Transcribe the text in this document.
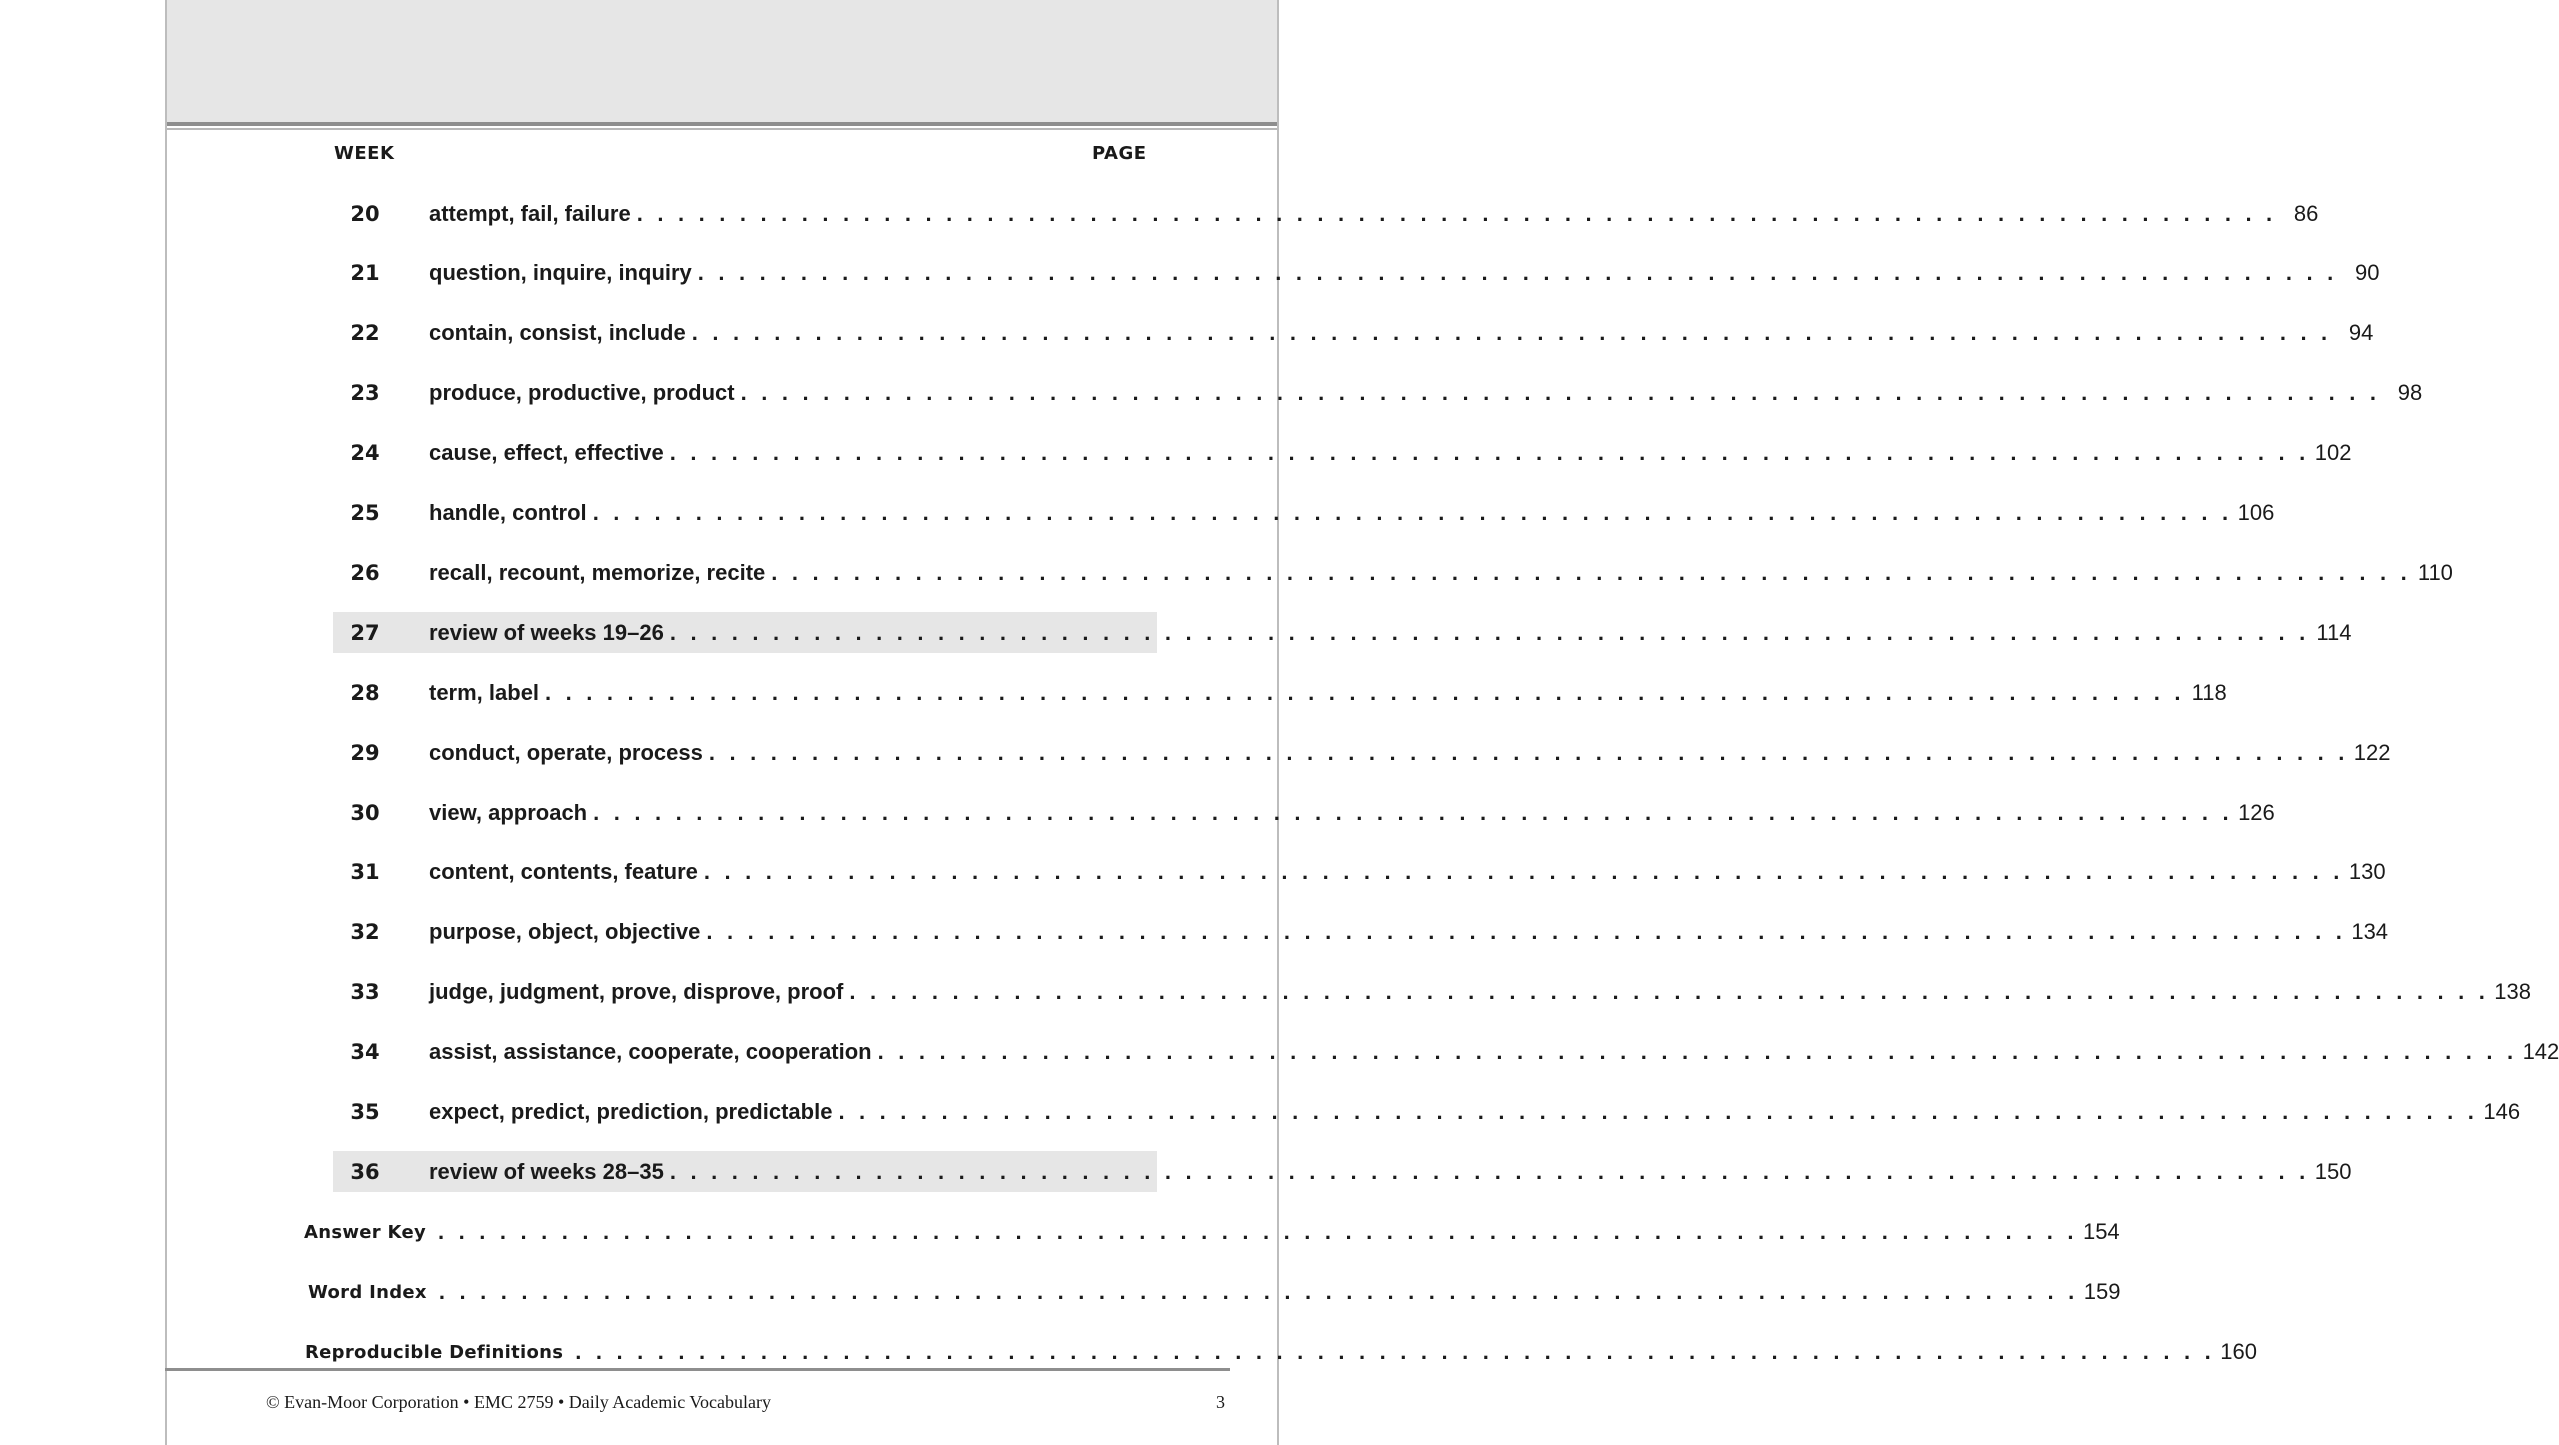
WEEK	PAGE
20	attempt, fail, failure . . . . . . . . . . . . . . . . . . . . . . . . . . . . . . . . . . . . . . . . . . . . . . . . . . . . . . . . . . . . . . . . . . . . . . . . . . . . . . . . 86
21	question, inquire, inquiry . . . . . . . . . . . . . . . . . . . . . . . . . . . . . . . . . . . . . . . . . . . . . . . . . . . . . . . . . . . . . . . . . . . . . . . . . . . . . . . . 90
22	contain, consist, include . . . . . . . . . . . . . . . . . . . . . . . . . . . . . . . . . . . . . . . . . . . . . . . . . . . . . . . . . . . . . . . . . . . . . . . . . . . . . . . . 94
23	produce, productive, product . . . . . . . . . . . . . . . . . . . . . . . . . . . . . . . . . . . . . . . . . . . . . . . . . . . . . . . . . . . . . . . . . . . . . . . . . . . . . . . . 98
24	cause, effect, effective . . . . . . . . . . . . . . . . . . . . . . . . . . . . . . . . . . . . . . . . . . . . . . . . . . . . . . . . . . . . . . . . . . . . . . . . . . . . . . . . 102
25	handle, control . . . . . . . . . . . . . . . . . . . . . . . . . . . . . . . . . . . . . . . . . . . . . . . . . . . . . . . . . . . . . . . . . . . . . . . . . . . . . . . . 106
26	recall, recount, memorize, recite . . . . . . . . . . . . . . . . . . . . . . . . . . . . . . . . . . . . . . . . . . . . . . . . . . . . . . . . . . . . . . . . . . . . . . . . . . . . . . . . 110
27	review of weeks 19–26 . . . . . . . . . . . . . . . . . . . . . . . . . . . . . . . . . . . . . . . . . . . . . . . . . . . . . . . . . . . . . . . . . . . . . . . . . . . . . . . . 114
28	term, label . . . . . . . . . . . . . . . . . . . . . . . . . . . . . . . . . . . . . . . . . . . . . . . . . . . . . . . . . . . . . . . . . . . . . . . . . . . . . . . . 118
29	conduct, operate, process . . . . . . . . . . . . . . . . . . . . . . . . . . . . . . . . . . . . . . . . . . . . . . . . . . . . . . . . . . . . . . . . . . . . . . . . . . . . . . . . 122
30	view, approach . . . . . . . . . . . . . . . . . . . . . . . . . . . . . . . . . . . . . . . . . . . . . . . . . . . . . . . . . . . . . . . . . . . . . . . . . . . . . . . . 126
31	content, contents, feature . . . . . . . . . . . . . . . . . . . . . . . . . . . . . . . . . . . . . . . . . . . . . . . . . . . . . . . . . . . . . . . . . . . . . . . . . . . . . . . . 130
32	purpose, object, objective . . . . . . . . . . . . . . . . . . . . . . . . . . . . . . . . . . . . . . . . . . . . . . . . . . . . . . . . . . . . . . . . . . . . . . . . . . . . . . . . 134
33	judge, judgment, prove, disprove, proof . . . . . . . . . . . . . . . . . . . . . . . . . . . . . . . . . . . . . . . . . . . . . . . . . . . . . . . . . . . . . . . . . . . . . . . . . . . . . . . . 138
34	assist, assistance, cooperate, cooperation . . . . . . . . . . . . . . . . . . . . . . . . . . . . . . . . . . . . . . . . . . . . . . . . . . . . . . . . . . . . . . . . . . . . . . . . . . . . . . . . 142
35	expect, predict, prediction, predictable . . . . . . . . . . . . . . . . . . . . . . . . . . . . . . . . . . . . . . . . . . . . . . . . . . . . . . . . . . . . . . . . . . . . . . . . . . . . . . . . 146
36	review of weeks 28–35 . . . . . . . . . . . . . . . . . . . . . . . . . . . . . . . . . . . . . . . . . . . . . . . . . . . . . . . . . . . . . . . . . . . . . . . . . . . . . . . . 150
Answer Key . . . . . . . . . . . . . . . . . . . . . . . . . . . . . . . . . . . . . . . . . . . . . . . . . . . . . . . . . . . . . . . . . . . . . . . . . . . . . . . . 154
Word Index . . . . . . . . . . . . . . . . . . . . . . . . . . . . . . . . . . . . . . . . . . . . . . . . . . . . . . . . . . . . . . . . . . . . . . . . . . . . . . . . 159
Reproducible Definitions . . . . . . . . . . . . . . . . . . . . . . . . . . . . . . . . . . . . . . . . . . . . . . . . . . . . . . . . . . . . . . . . . . . . . . . . . . . . . . . . 160
© Evan-Moor Corporation • EMC 2759 • Daily Academic Vocabulary	3
